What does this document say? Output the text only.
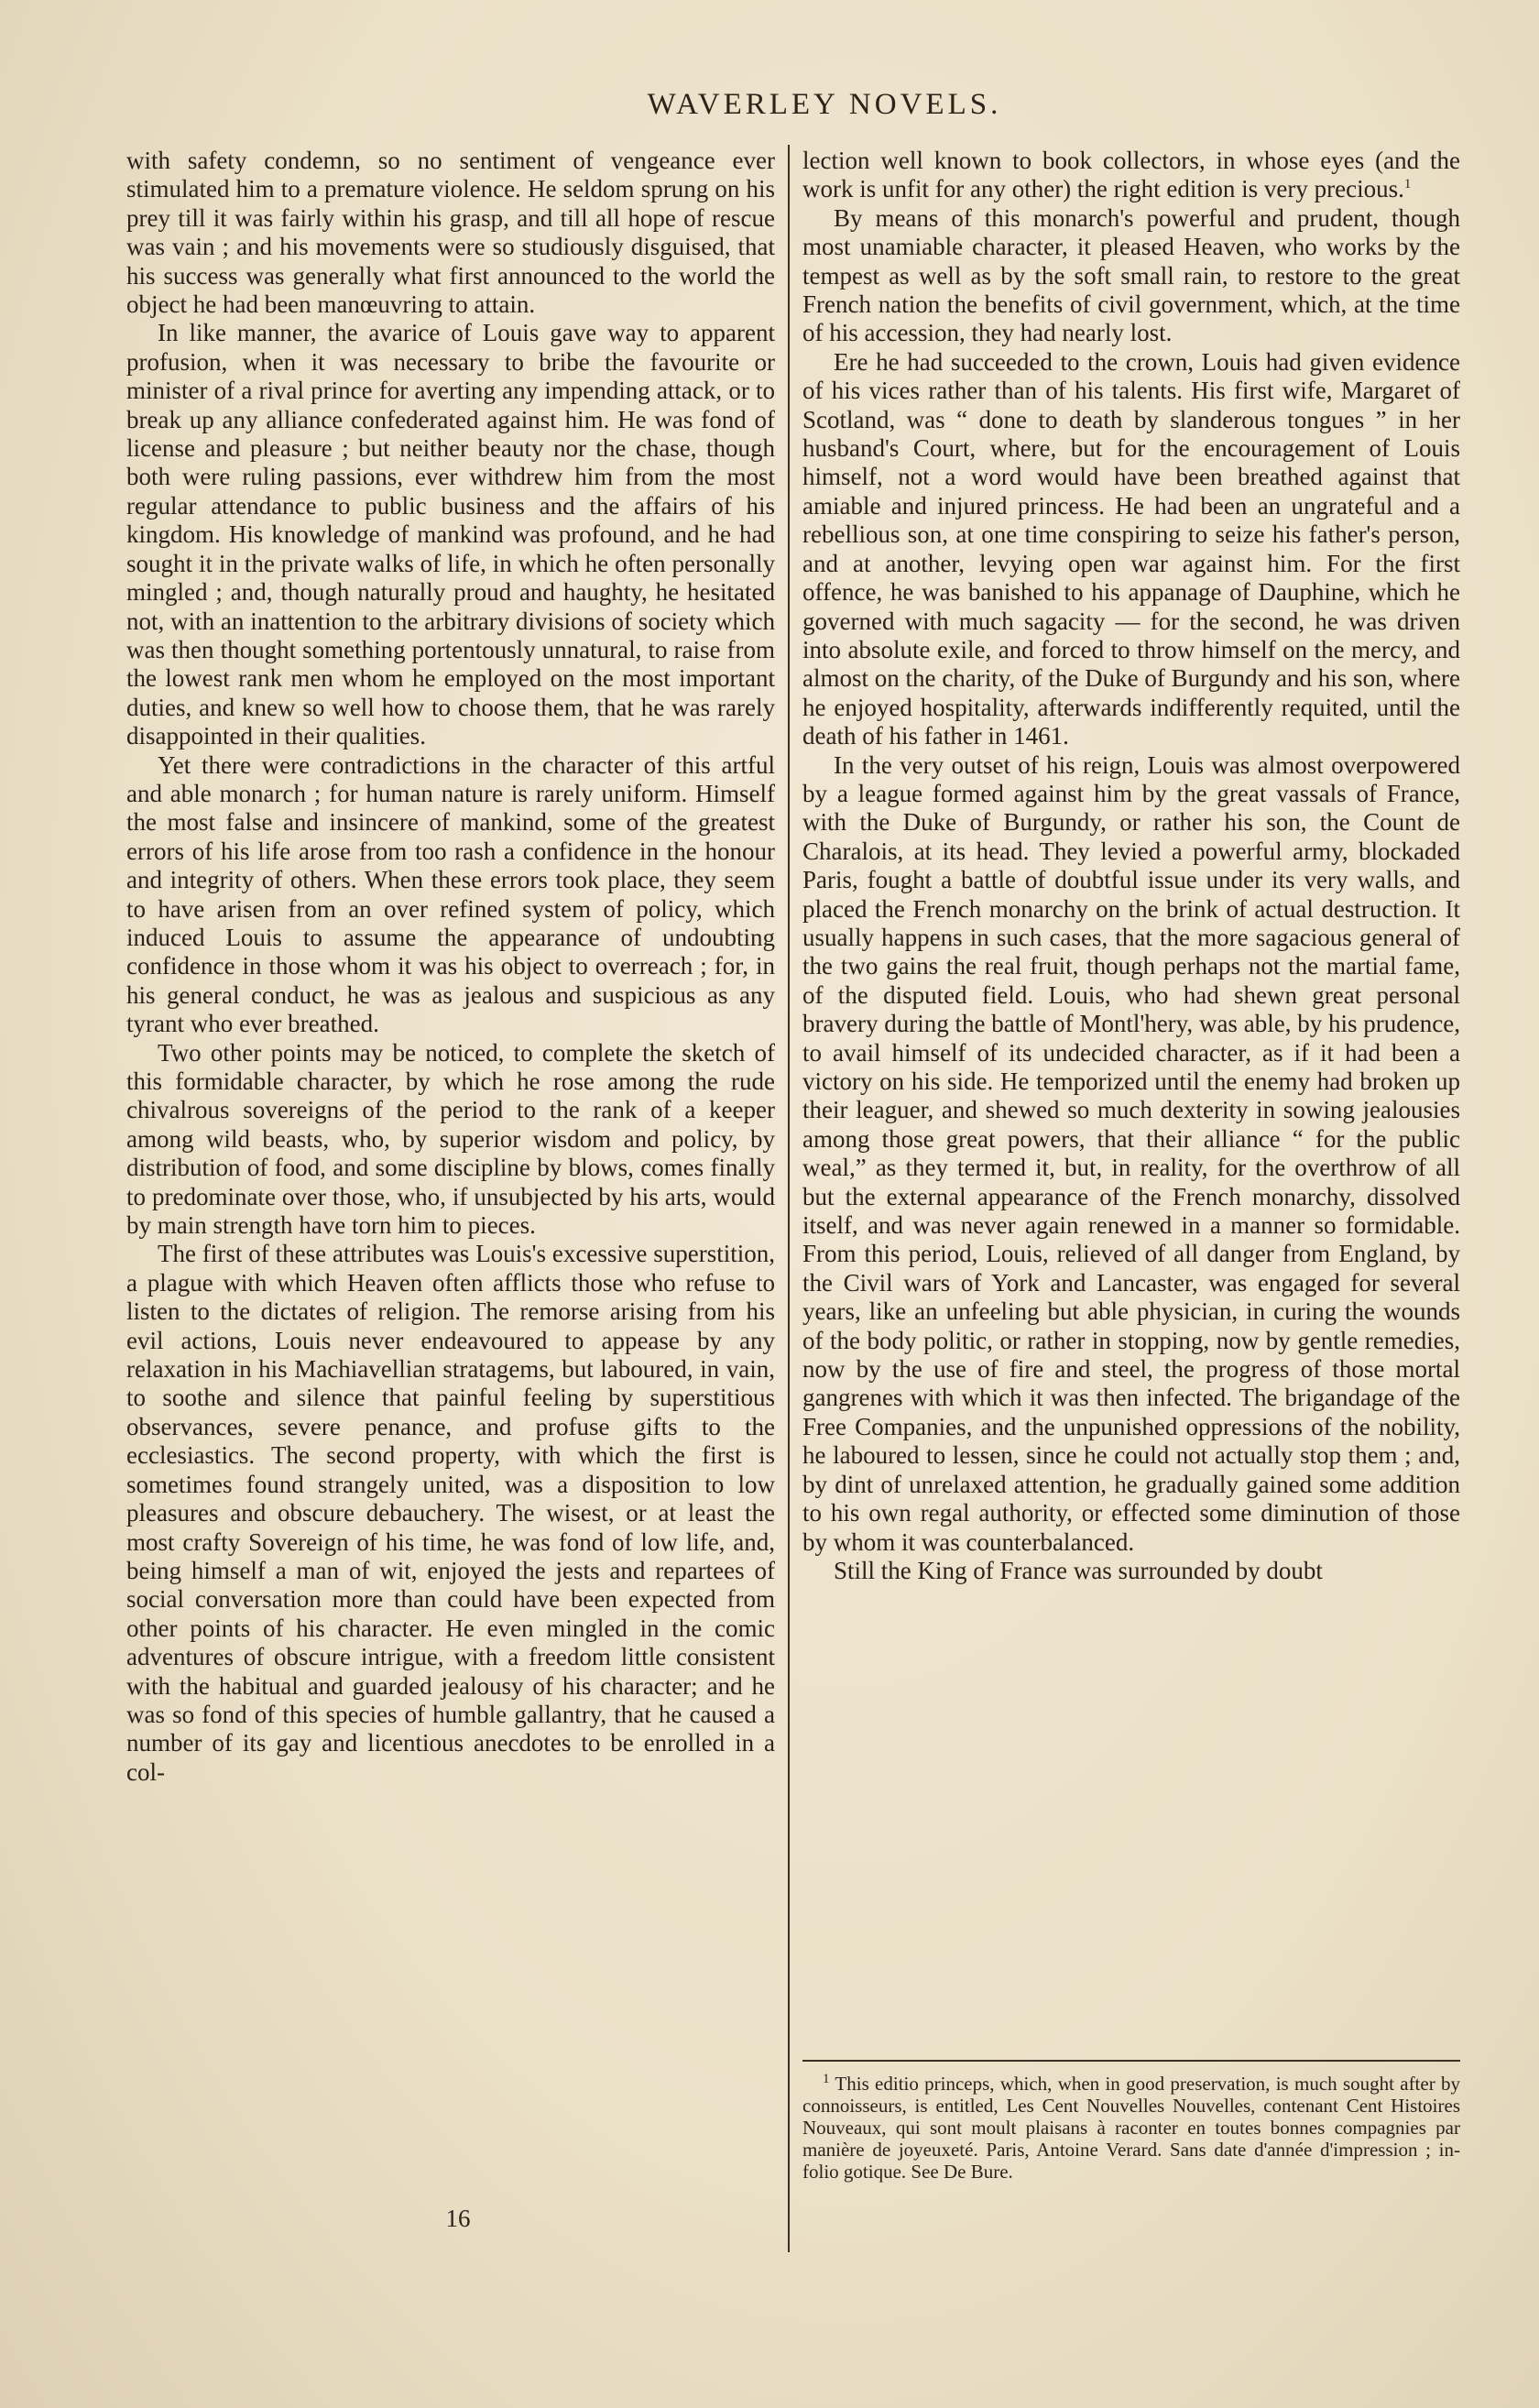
WAVERLEY NOVELS.

with safety condemn, so no sentiment of vengeance ever stimulated him to a premature violence. He seldom sprung on his prey till it was fairly within his grasp, and till all hope of rescue was vain ; and his movements were so studiously disguised, that his success was generally what first announced to the world the object he had been manœuvring to attain.

In like manner, the avarice of Louis gave way to apparent profusion, when it was necessary to bribe the favourite or minister of a rival prince for averting any impending attack, or to break up any alliance confederated against him. He was fond of license and pleasure ; but neither beauty nor the chase, though both were ruling passions, ever withdrew him from the most regular attendance to public business and the affairs of his kingdom. His knowledge of mankind was profound, and he had sought it in the private walks of life, in which he often personally mingled ; and, though naturally proud and haughty, he hesitated not, with an inattention to the arbitrary divisions of society which was then thought something portentously unnatural, to raise from the lowest rank men whom he employed on the most important duties, and knew so well how to choose them, that he was rarely disappointed in their qualities.

Yet there were contradictions in the character of this artful and able monarch ; for human nature is rarely uniform. Himself the most false and insincere of mankind, some of the greatest errors of his life arose from too rash a confidence in the honour and integrity of others. When these errors took place, they seem to have arisen from an over refined system of policy, which induced Louis to assume the appearance of undoubting confidence in those whom it was his object to overreach ; for, in his general conduct, he was as jealous and suspicious as any tyrant who ever breathed.

Two other points may be noticed, to complete the sketch of this formidable character, by which he rose among the rude chivalrous sovereigns of the period to the rank of a keeper among wild beasts, who, by superior wisdom and policy, by distribution of food, and some discipline by blows, comes finally to predominate over those, who, if unsubjected by his arts, would by main strength have torn him to pieces.

The first of these attributes was Louis's excessive superstition, a plague with which Heaven often afflicts those who refuse to listen to the dictates of religion. The remorse arising from his evil actions, Louis never endeavoured to appease by any relaxation in his Machiavellian stratagems, but laboured, in vain, to soothe and silence that painful feeling by superstitious observances, severe penance, and profuse gifts to the ecclesiastics. The second property, with which the first is sometimes found strangely united, was a disposition to low pleasures and obscure debauchery. The wisest, or at least the most crafty Sovereign of his time, he was fond of low life, and, being himself a man of wit, enjoyed the jests and repartees of social conversation more than could have been expected from other points of his character. He even mingled in the comic adventures of obscure intrigue, with a freedom little consistent with the habitual and guarded jealousy of his character; and he was so fond of this species of humble gallantry, that he caused a number of its gay and licentious anecdotes to be enrolled in a col-

lection well known to book collectors, in whose eyes (and the work is unfit for any other) the right edition is very precious.$^1$

By means of this monarch's powerful and prudent, though most unamiable character, it pleased Heaven, who works by the tempest as well as by the soft small rain, to restore to the great French nation the benefits of civil government, which, at the time of his accession, they had nearly lost.

Ere he had succeeded to the crown, Louis had given evidence of his vices rather than of his talents. His first wife, Margaret of Scotland, was “ done to death by slanderous tongues ” in her husband's Court, where, but for the encouragement of Louis himself, not a word would have been breathed against that amiable and injured princess. He had been an ungrateful and a rebellious son, at one time conspiring to seize his father's person, and at another, levying open war against him. For the first offence, he was banished to his appanage of Dauphine, which he governed with much sagacity — for the second, he was driven into absolute exile, and forced to throw himself on the mercy, and almost on the charity, of the Duke of Burgundy and his son, where he enjoyed hospitality, afterwards indifferently requited, until the death of his father in 1461.

In the very outset of his reign, Louis was almost overpowered by a league formed against him by the great vassals of France, with the Duke of Burgundy, or rather his son, the Count de Charalois, at its head. They levied a powerful army, blockaded Paris, fought a battle of doubtful issue under its very walls, and placed the French monarchy on the brink of actual destruction. It usually happens in such cases, that the more sagacious general of the two gains the real fruit, though perhaps not the martial fame, of the disputed field. Louis, who had shewn great personal bravery during the battle of Montl'hery, was able, by his prudence, to avail himself of its undecided character, as if it had been a victory on his side. He temporized until the enemy had broken up their leaguer, and shewed so much dexterity in sowing jealousies among those great powers, that their alliance “ for the public weal,” as they termed it, but, in reality, for the overthrow of all but the external appearance of the French monarchy, dissolved itself, and was never again renewed in a manner so formidable. From this period, Louis, relieved of all danger from England, by the Civil wars of York and Lancaster, was engaged for several years, like an unfeeling but able physician, in curing the wounds of the body politic, or rather in stopping, now by gentle remedies, now by the use of fire and steel, the progress of those mortal gangrenes with which it was then infected. The brigandage of the Free Companies, and the unpunished oppressions of the nobility, he laboured to lessen, since he could not actually stop them ; and, by dint of unrelaxed attention, he gradually gained some addition to his own regal authority, or effected some diminution of those by whom it was counterbalanced.

Still the King of France was surrounded by doubt

$^1$ This editio princeps, which, when in good preservation, is much sought after by connoisseurs, is entitled, Les Cent Nouvelles Nouvelles, contenant Cent Histoires Nouveaux, qui sont moult plaisans à raconter en toutes bonnes compagnies par manière de joyeuxeté. Paris, Antoine Verard. Sans date d'année d'impression ; in-folio gotique. See De Bure.

16
